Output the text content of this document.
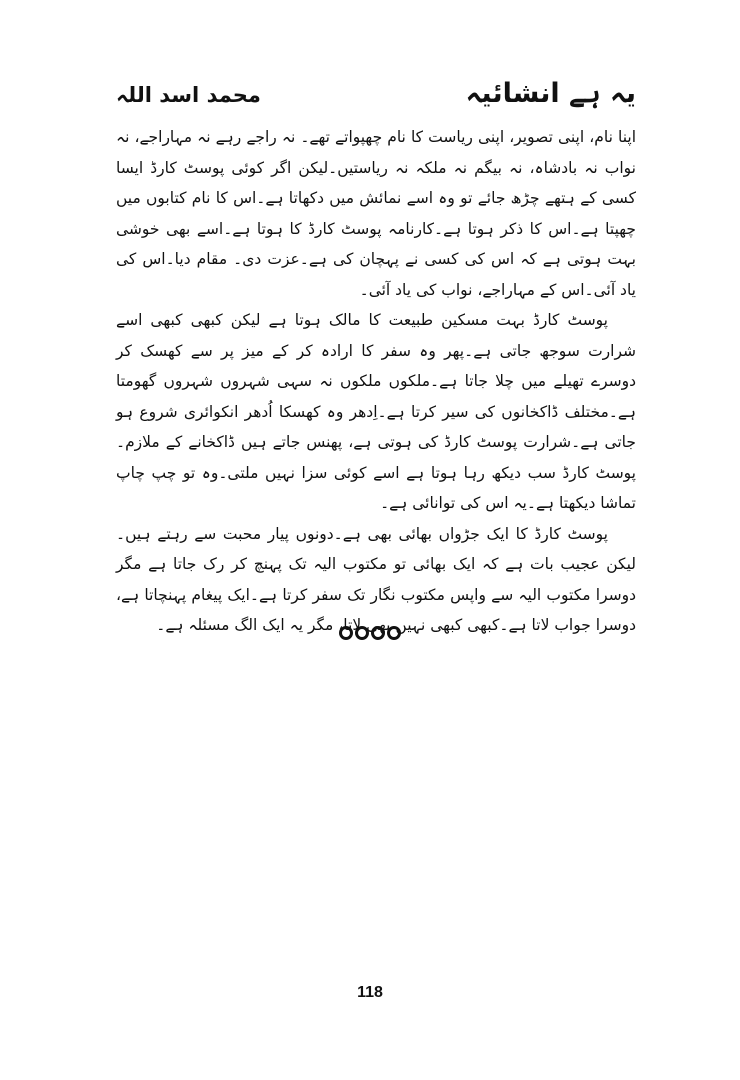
یہ ہے انشائیہ
محمد اسد اللہ

اپنا نام، اپنی تصویر، اپنی ریاست کا نام چھپواتے تھے۔ نہ راجے رہے نہ مہاراجے، نہ نواب نہ بادشاہ، نہ بیگم نہ ملکہ نہ ریاستیں۔لیکن اگر کوئی پوسٹ کارڈ ایسا کسی کے ہتھے چڑھ جائے تو وہ اسے نمائش میں دکھاتا ہے۔اس کا نام کتابوں میں چھپتا ہے۔اس کا ذکر ہوتا ہے۔کارنامہ پوسٹ کارڈ کا ہوتا ہے۔اسے بھی خوشی بہت ہوتی ہے کہ اس کی کسی نے پہچان کی ہے۔عزت دی۔ مقام دیا۔اس کی یاد آئی۔اس کے مہاراجے، نواب کی یاد آئی۔

پوسٹ کارڈ بہت مسکین طبیعت کا مالک ہوتا ہے لیکن کبھی کبھی اسے شرارت سوجھ جاتی ہے۔پھر وہ سفر کا ارادہ کر کے میز پر سے کھسک کر دوسرے تھیلے میں چلا جاتا ہے۔ملکوں ملکوں نہ سہی شہروں شہروں گھومتا ہے۔مختلف ڈاکخانوں کی سیر کرتا ہے۔اِدھر وہ کھسکا اُدھر انکوائری شروع ہو جاتی ہے۔شرارت پوسٹ کارڈ کی ہوتی ہے، پھنس جاتے ہیں ڈاکخانے کے ملازم۔پوسٹ کارڈ سب دیکھ رہا ہوتا ہے اسے کوئی سزا نہیں ملتی۔وہ تو چپ چاپ تماشا دیکھتا ہے۔یہ اس کی توانائی ہے۔

پوسٹ کارڈ کا ایک جڑواں بھائی بھی ہے۔دونوں پیار محبت سے رہتے ہیں۔لیکن عجیب بات ہے کہ ایک بھائی تو مکتوب الیہ تک پہنچ کر رک جاتا ہے مگر دوسرا مکتوب الیہ سے واپس مکتوب نگار تک سفر کرتا ہے۔ایک پیغام پہنچاتا ہے، دوسرا جواب لاتا ہے۔کبھی کبھی نہیں بھی لاتا، مگر یہ ایک الگ مسئلہ ہے۔

118
